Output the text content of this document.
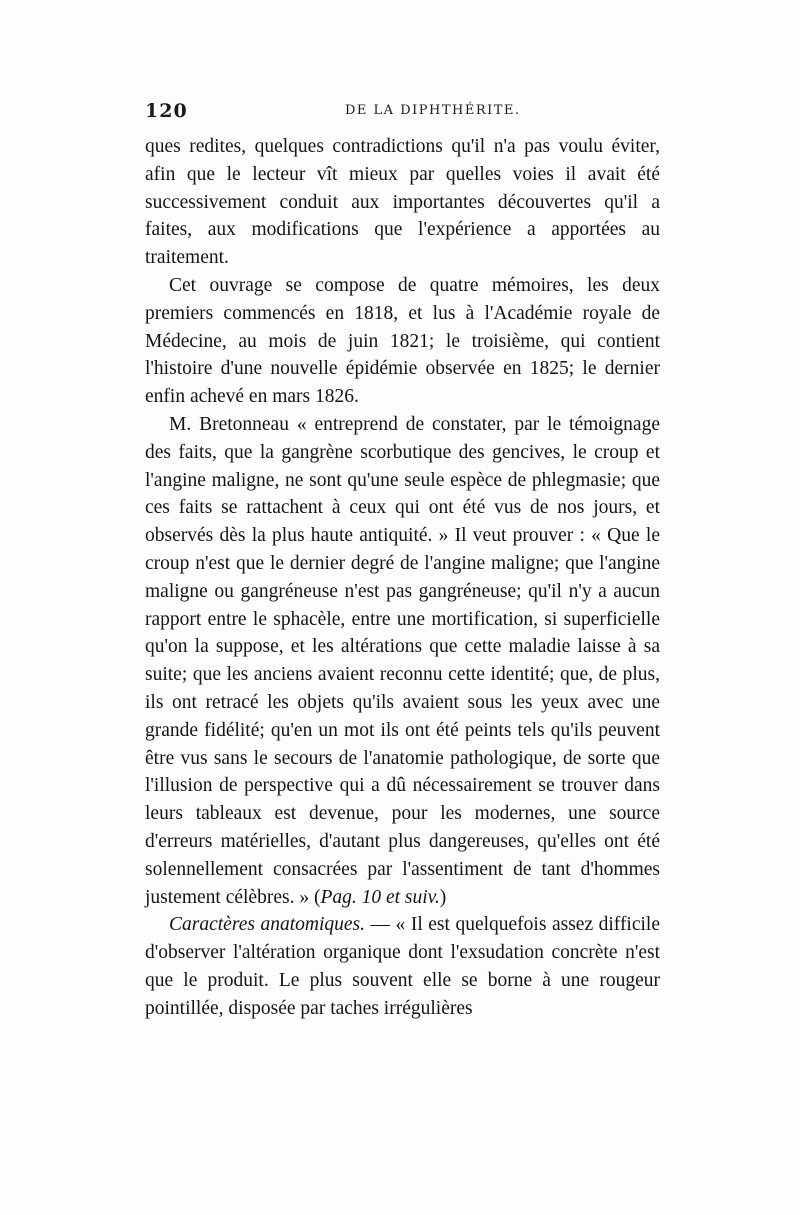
120	DE LA DIPHTHÉRITE.

ques redites, quelques contradictions qu'il n'a pas voulu éviter, afin que le lecteur vît mieux par quelles voies il avait été successivement conduit aux importantes découvertes qu'il a faites, aux modifications que l'expérience a apportées au traitement.

Cet ouvrage se compose de quatre mémoires, les deux premiers commencés en 1818, et lus à l'Académie royale de Médecine, au mois de juin 1821; le troisième, qui contient l'histoire d'une nouvelle épidémie observée en 1825; le dernier enfin achevé en mars 1826.

M. Bretonneau « entreprend de constater, par le témoignage des faits, que la gangrène scorbutique des gencives, le croup et l'angine maligne, ne sont qu'une seule espèce de phlegmasie; que ces faits se rattachent à ceux qui ont été vus de nos jours, et observés dès la plus haute antiquité. » Il veut prouver : « Que le croup n'est que le dernier degré de l'angine maligne; que l'angine maligne ou gangréneuse n'est pas gangréneuse; qu'il n'y a aucun rapport entre le sphacèle, entre une mortification, si superficielle qu'on la suppose, et les altérations que cette maladie laisse à sa suite; que les anciens avaient reconnu cette identité; que, de plus, ils ont retracé les objets qu'ils avaient sous les yeux avec une grande fidélité; qu'en un mot ils ont été peints tels qu'ils peuvent être vus sans le secours de l'anatomie pathologique, de sorte que l'illusion de perspective qui a dû nécessairement se trouver dans leurs tableaux est devenue, pour les modernes, une source d'erreurs matérielles, d'autant plus dangereuses, qu'elles ont été solennellement consacrées par l'assentiment de tant d'hommes justement célèbres. » (Pag. 10 et suiv.)

Caractères anatomiques. — « Il est quelquefois assez difficile d'observer l'altération organique dont l'exsudation concrète n'est que le produit. Le plus souvent elle se borne à une rougeur pointillée, disposée par taches irrégulières
